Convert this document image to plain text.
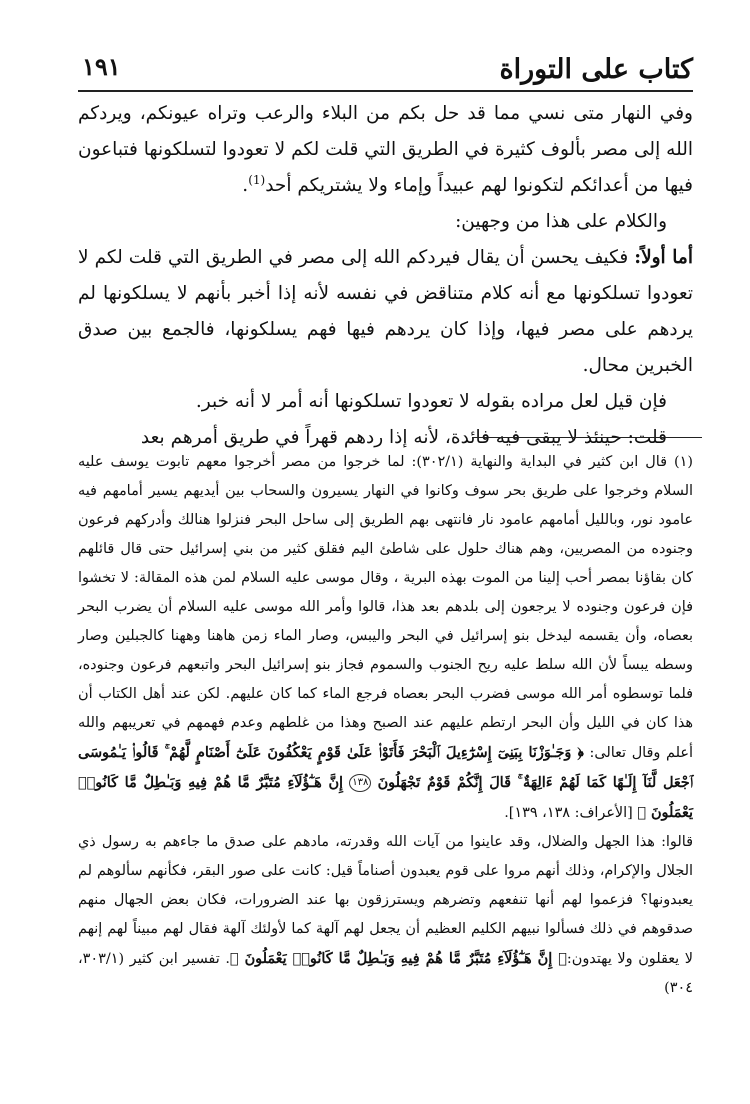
كتاب على التوراة
١٩١

وفي النهار متى نسي مما قد حل بكم من البلاء والرعب وتراه عيونكم، ويردكم الله إلى مصر بألوف كثيرة في الطريق التي قلت لكم لا تعودوا لتسلكونها فتباعون فيها من أعدائكم لتكونوا لهم عبيداً وإماء ولا يشتريكم أحد$^{(1)}$.

والكلام على هذا من وجهين:

أما أولاً: فكيف يحسن أن يقال فيردكم الله إلى مصر في الطريق التي قلت لكم لا تعودوا تسلكونها مع أنه كلام متناقض في نفسه لأنه إذا أخبر بأنهم لا يسلكونها لم يردهم على مصر فيها، وإذا كان يردهم فيها فهم يسلكونها، فالجمع بين صدق الخبرين محال.

فإن قيل لعل مراده بقوله لا تعودوا تسلكونها أنه أمر لا أنه خبر.

قلت: حينئذ لا يبقى فيه فائدة، لأنه إذا ردهم قهراً في طريق أمرهم بعد

(١) قال ابن كثير في البداية والنهاية (٣٠٢/١): لما خرجوا من مصر أخرجوا معهم تابوت يوسف عليه السلام وخرجوا على طريق بحر سوف وكانوا في النهار يسيرون والسحاب بين أيديهم يسير أمامهم فيه عامود نور، وبالليل أمامهم عامود نار فانتهى بهم الطريق إلى ساحل البحر فنزلوا هنالك وأدركهم فرعون وجنوده من المصريين، وهم هناك حلول على شاطئ اليم فقلق كثير من بني إسرائيل حتى قال قائلهم كان بقاؤنا بمصر أحب إلينا من الموت بهذه البرية ، وقال موسى عليه السلام لمن هذه المقالة: لا تخشوا فإن فرعون وجنوده لا يرجعون إلى بلدهم بعد هذا، قالوا وأمر الله موسى عليه السلام أن يضرب البحر بعصاه، وأن يقسمه ليدخل بنو إسرائيل في البحر واليبس، وصار الماء زمن هاهنا وههنا كالجبلين وصار وسطه يبساً لأن الله سلط عليه ريح الجنوب والسموم فجاز بنو إسرائيل البحر واتبعهم فرعون وجنوده، فلما توسطوه أمر الله موسى فضرب البحر بعصاه فرجع الماء كما كان عليهم. لكن عند أهل الكتاب أن هذا كان في الليل وأن البحر ارتطم عليهم عند الصبح وهذا من غلطهم وعدم فهمهم في تعريبهم والله أعلم وقال تعالى: ﴿ وَجَـٰوَزْنَا بِبَنِىٓ إِسْرَٰٓءِيلَ ٱلْبَحْرَ فَأَتَوْا۟ عَلَىٰ قَوْمٍ يَعْكُفُونَ عَلَىٰٓ أَصْنَامٍ لَّهُمْ ۚ قَالُوا۟ يَـٰمُوسَى ٱجْعَل لَّنَآ إِلَـٰهًا كَمَا لَهُمْ ءَالِهَةٌ ۚ قَالَ إِنَّكُمْ قَوْمٌ تَجْهَلُونَ ١٣٨ إِنَّ هَـٰٓؤُلَآءِ مُتَبَّرٌ مَّا هُمْ فِيهِ وَبَـٰطِلٌ مَّا كَانُوا۟ يَعْمَلُونَ ﴾ [الأعراف: ١٣٨، ١٣٩].

قالوا: هذا الجهل والضلال، وقد عاينوا من آيات الله وقدرته، مادهم على صدق ما جاءهم به رسول ذي الجلال والإكرام، وذلك أنهم مروا على قوم يعبدون أصناماً قيل: كانت على صور البقر، فكأنهم سألوهم لم يعبدونها؟ فزعموا لهم أنها تنفعهم وتضرهم ويسترزقون بها عند الضرورات، فكان بعض الجهال منهم صدقوهم في ذلك فسألوا نبيهم الكليم العظيم أن يجعل لهم آلهة كما لأولئك آلهة فقال لهم مبيناً لهم إنهم لا يعقلون ولا يهتدون:﴿ إِنَّ هَـٰٓؤُلَآءِ مُتَبَّرٌ مَّا هُمْ فِيهِ وَبَـٰطِلٌ مَّا كَانُوا۟ يَعْمَلُونَ ﴾. تفسير ابن كثير (٣٠٣/١، ٣٠٤)
